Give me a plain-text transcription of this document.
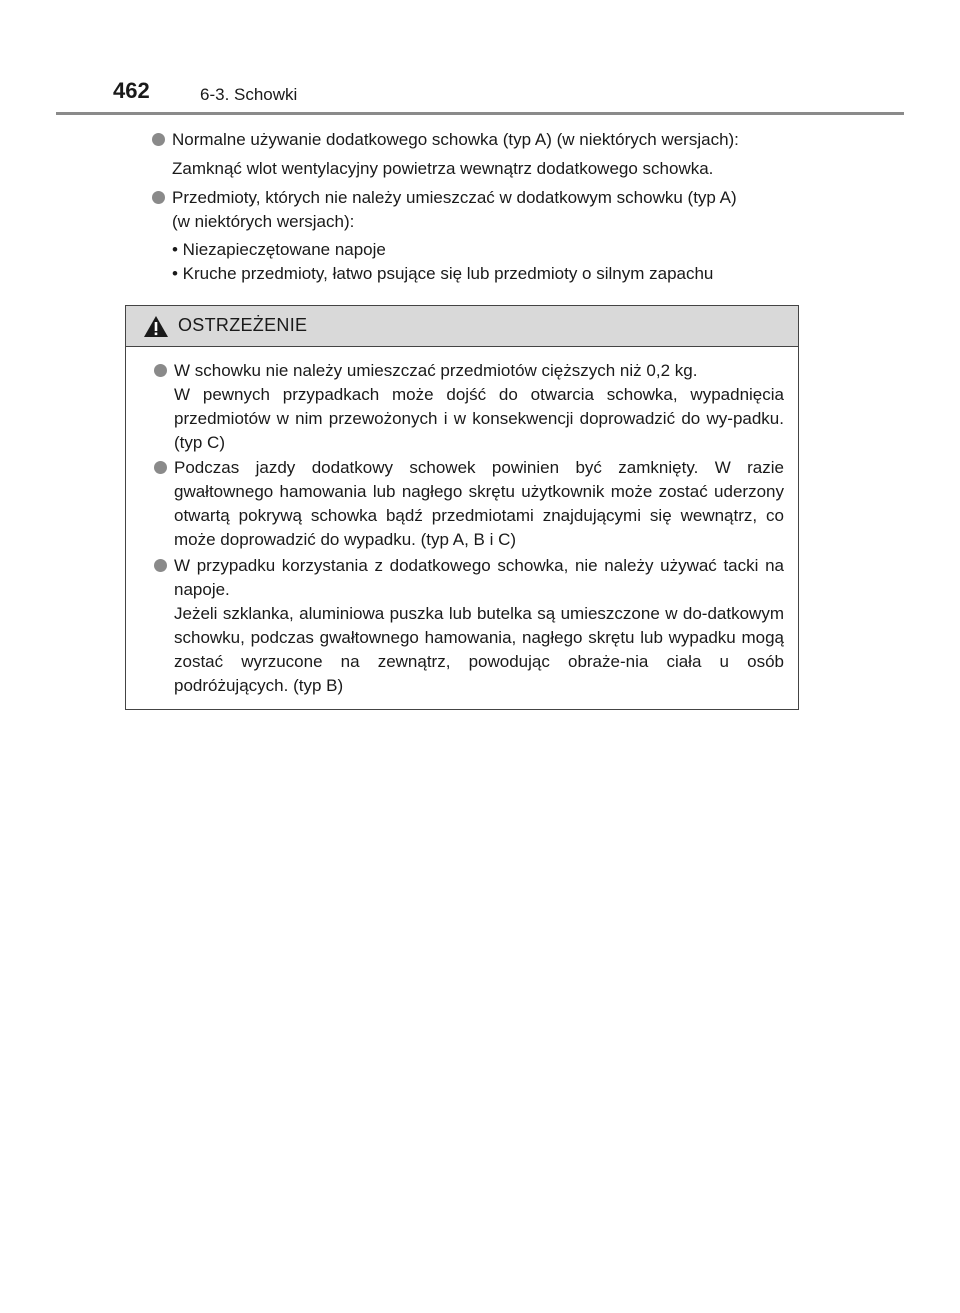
462	6-3. Schowki
Normalne używanie dodatkowego schowka (typ A) (w niektórych wersjach):
Zamknąć wlot wentylacyjny powietrza wewnątrz dodatkowego schowka.
Przedmioty, których nie należy umieszczać w dodatkowym schowku (typ A)
(w niektórych wersjach):
• Niezapieczętowane napoje
• Kruche przedmioty, łatwo psujące się lub przedmioty o silnym zapachu
OSTRZEŻENIE
W schowku nie należy umieszczać przedmiotów cięższych niż 0,2 kg.
W pewnych przypadkach może dojść do otwarcia schowka, wypadnięcia przedmiotów w nim przewożonych i w konsekwencji doprowadzić do wy-padku. (typ C)
Podczas jazdy dodatkowy schowek powinien być zamknięty. W razie gwałtownego hamowania lub nagłego skrętu użytkownik może zostać uderzony otwartą pokrywą schowka bądź przedmiotami znajdującymi się wewnątrz, co może doprowadzić do wypadku. (typ A, B i C)
W przypadku korzystania z dodatkowego schowka, nie należy używać tacki na napoje.
Jeżeli szklanka, aluminiowa puszka lub butelka są umieszczone w do-datkowym schowku, podczas gwałtownego hamowania, nagłego skrętu lub wypadku mogą zostać wyrzucone na zewnątrz, powodując obraże-nia ciała u osób podróżujących. (typ B)
